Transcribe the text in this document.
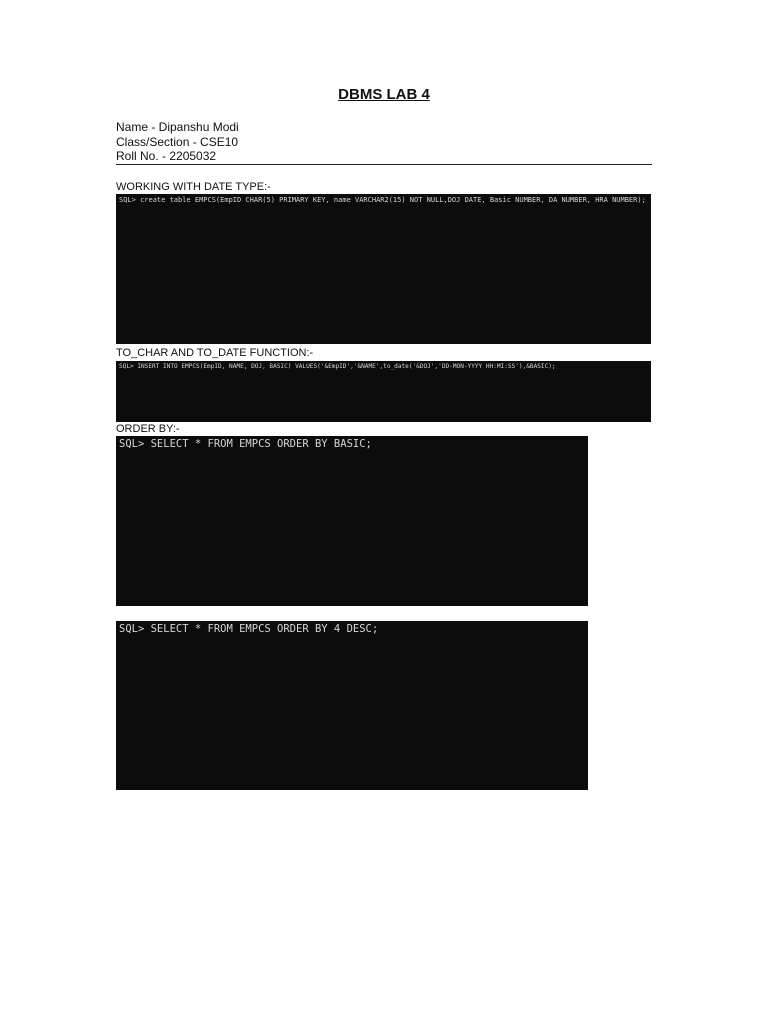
DBMS LAB 4
Name - Dipanshu Modi
Class/Section - CSE10
Roll No. - 2205032
WORKING WITH DATE TYPE:-
SQL> create table EMPCS(EmpID CHAR(5) PRIMARY KEY, name VARCHAR2(15) NOT NULL,DOJ DATE, Basic NUMBER, DA NUMBER, HRA NUMBER);
TO_CHAR AND TO_DATE FUNCTION:-
SQL> INSERT INTO EMPCS(EmpID, NAME, DOJ, BASIC) VALUES('&EmpID','&NAME',to_date('&DOJ','DD-MON-YYYY HH:MI:SS'),&BASIC);
ORDER BY:-
SQL> SELECT * FROM EMPCS ORDER BY BASIC;
SQL> SELECT * FROM EMPCS ORDER BY 4 DESC;
